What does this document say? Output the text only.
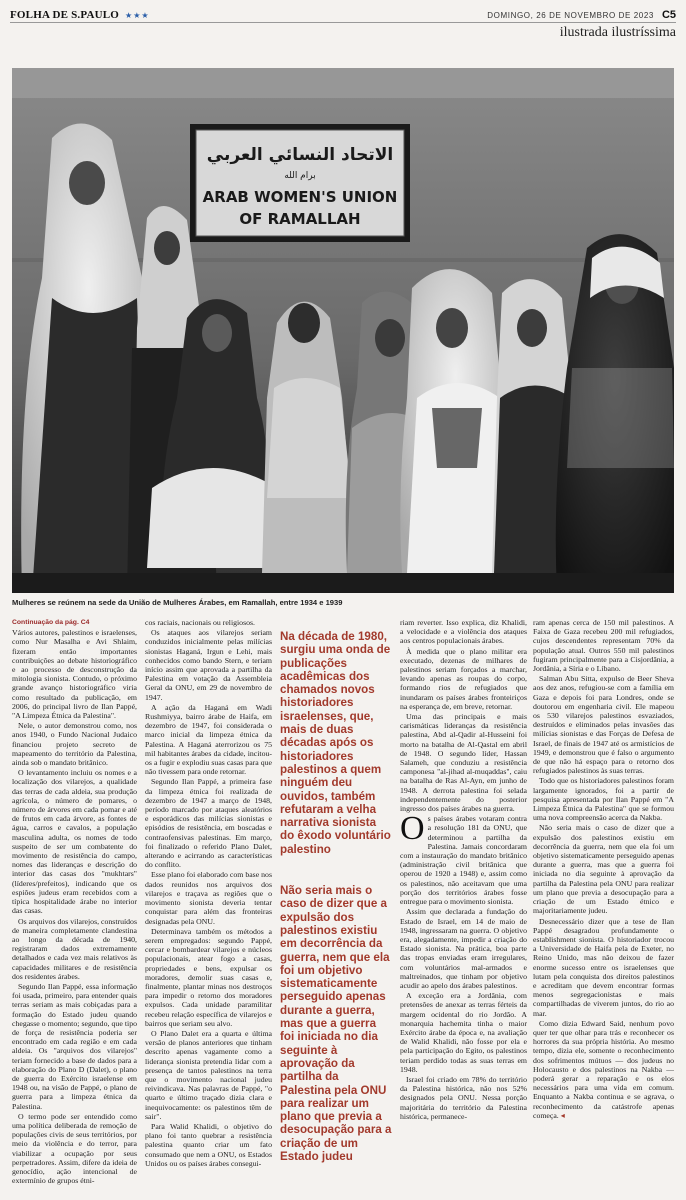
FOLHA DE S.PAULO ★★★	DOMINGO, 26 DE NOVEMBRO DE 2023 C5
ilustrada ilustríssima
الاتحاد النسائي العربي
برام الله
ARAB WOMEN'S UNION
OF RAMALLAH
Mulheres se reúnem na sede da União de Mulheres Árabes, em Ramallah, entre 1934 e 1939
Continuação da pág. C4

Vários autores, palestinos e israelenses, como Nur Masalha e Avi Shlaim, fizeram então importantes contribuições ao debate historiográfico e ao processo de desconstrução da mitologia sionista. Contudo, o próximo grande avanço historiográfico viria como resultado da publicação, em 2006, do principal livro de Ilan Pappé, "A Limpeza Étnica da Palestina".

Nele, o autor demonstrou como, nos anos 1940, o Fundo Nacional Judaico financiou projeto secreto de mapeamento do território da Palestina, ainda sob o mandato britânico.

O levantamento incluiu os nomes e a localização dos vilarejos, a qualidade das terras de cada aldeia, sua produção agrícola, o número de pomares, o número de árvores em cada pomar e até de frutos em cada árvore, as fontes de água, carros e cavalos, a população masculina adulta, os nomes de todo suspeito de ser um combatente do movimento de resistência do campo, nomes das lideranças e descrição do interior das casas dos "mukhtars" (líderes/prefeitos), indicando que os espiões judeus eram recebidos com a típica hospitalidade árabe no interior das casas.

Os arquivos dos vilarejos, construídos de maneira completamente clandestina ao longo da década de 1940, registraram dados extremamente detalhados e cada vez mais relativos às capacidades militares e de resistência dos residentes árabes.

Segundo Ilan Pappé, essa informação foi usada, primeiro, para entender quais terras seriam as mais cobiçadas para a formação do Estado judeu quando chegasse o momento; segundo, que tipo de força de resistência poderia ser encontrado em cada região e em cada aldeia. Os "arquivos dos vilarejos" teriam fornecido a base de dados para a elaboração do Plano D (Dalet), o plano de guerra do Exército israelense em 1948 ou, na visão de Pappé, o plano de guerra para a limpeza étnica da Palestina.

O termo pode ser entendido como uma política deliberada de remoção de populações civis de seus territórios, por meio da violência e do terror, para viabilizar a ocupação por seus perpetradores. Assim, difere da ideia de genocídio, ação intencional de extermínio de grupos étni-

cos raciais, nacionais ou religiosos.

Os ataques aos vilarejos seriam conduzidos inicialmente pelas milícias sionistas Haganá, Irgun e Lehi, mais conhecidos como bando Stern, e teriam início assim que aprovada a partilha da Palestina em votação da Assembleia Geral da ONU, em 29 de novembro de 1947.

A ação da Haganá em Wadi Rushmiyya, bairro árabe de Haifa, em dezembro de 1947, foi considerada o marco inicial da limpeza étnica da Palestina. A Haganá aterrorizou os 75 mil habitantes árabes da cidade, incitou-os a fugir e explodiu suas casas para que não tivessem para onde retornar.

Segundo Ilan Pappé, a primeira fase da limpeza étnica foi realizada de dezembro de 1947 a março de 1948, período marcado por ataques aleatórios e esporádicos das milícias sionistas e episódios de resistência, em boscadas e contraofensivas palestinas. Em março, foi finalizado o referido Plano Dalet, alterando e acirrando as características do conflito.

Esse plano foi elaborado com base nos dados reunidos nos arquivos dos vilarejos e traçava as regiões que o movimento sionista deveria tentar conquistar para além das fronteiras designadas pela ONU.

Determinava também os métodos a serem empregados: segundo Pappé, cercar e bombardear vilarejos e núcleos populacionais, atear fogo a casas, propriedades e bens, expulsar os moradores, demolir suas casas e, finalmente, plantar minas nos destroços para impedir o retorno dos moradores expulsos. Cada unidade paramilitar recebeu relação específica de vilarejos e bairros que seriam seu alvo.

O Plano Dalet era a quarta e última versão de planos anteriores que tinham descrito apenas vagamente como a liderança sionista pretendia lidar com a presença de tantos palestinos na terra que o movimento nacional judeu reivindicava. Nas palavras de Pappé, "o quarto e último traçado dizia clara e inequivocamente: os palestinos têm de sair".

Para Walid Khalidi, o objetivo do plano foi tanto quebrar a resistência palestina quanto criar um fato consumado que nem a ONU, os Estados Unidos ou os países árabes consegui-

Na década de 1980, surgiu uma onda de publicações acadêmicas dos chamados novos historiadores israelenses, que, mais de duas décadas após os historiadores palestinos a quem ninguém deu ouvidos, também refutaram a velha narrativa sionista do êxodo voluntário palestino

Não seria mais o caso de dizer que a expulsão dos palestinos existiu em decorrência da guerra, nem que ela foi um objetivo sistematicamente perseguido apenas durante a guerra, mas que a guerra foi iniciada no dia seguinte à aprovação da partilha da Palestina pela ONU para realizar um plano que previa a desocupação para a criação de um Estado judeu

riam reverter. Isso explica, diz Khalidi, a velocidade e a violência dos ataques aos centros populacionais árabes.

À medida que o plano militar era executado, dezenas de milhares de palestinos seriam forçados a marchar, levando apenas as roupas do corpo, formando rios de refugiados que inundaram os países árabes fronteiriços na esperança de, em breve, retornar.

Uma das principais e mais carismáticas lideranças da resistência palestina, Abd al-Qadir al-Husseini foi morto na batalha de Al-Qastal em abril de 1948. O segundo líder, Hassan Salameh, que conduziu a resistência camponesa "al-jihad al-muqaddas", caiu na batalha de Ras Al-Ayn, em junho de 1948. A derrota palestina foi selada independentemente do posterior ingresso dos países árabes na guerra.

Os países árabes votaram contra a resolução 181 da ONU, que determinou a partilha da Palestina. Jamais concordaram com a instauração do mandato britânico (administração civil britânica que operou de 1920 a 1948) e, assim como os palestinos, não aceitavam que uma porção dos territórios árabes fosse entregue para o movimento sionista.

Assim que declarada a fundação do Estado de Israel, em 14 de maio de 1948, ingressaram na guerra. O objetivo era, alegadamente, impedir a criação do Estado sionista. Na prática, boa parte das tropas enviadas eram irregulares, com voluntários mal-armados e maltreinados, que tinham por objetivo acudir ao apelo dos árabes palestinos.

A exceção era a Jordânia, com pretensões de anexar as terras férteis da margem ocidental do rio Jordão. A monarquia hachemita tinha o maior Exército árabe da época e, na avaliação de Walid Khalidi, não fosse por ela e pela participação do Egito, os palestinos teriam perdido todas as suas terras em 1948.

Israel foi criado em 78% do território da Palestina histórica, não nos 52% designados pela ONU. Nessa porção majoritária do território da Palestina histórica, permanece-

ram apenas cerca de 150 mil palestinos. A Faixa de Gaza recebeu 200 mil refugiados, cujos descendentes representam 70% da população atual. Outros 550 mil palestinos fugiram principalmente para a Cisjordânia, a Jordânia, a Síria e o Líbano.

Salman Abu Sitta, expulso de Beer Sheva aos dez anos, refugiou-se com a família em Gaza e depois foi para Londres, onde se doutorou em engenharia civil. Ele mapeou os 530 vilarejos palestinos esvaziados, destruídos e eliminados pelas invasões das milícias sionistas e das Forças de Defesa de Israel, de finais de 1947 até os armistícios de 1949, e demonstrou que é falso o argumento de que não há espaço para o retorno dos refugiados palestinos às suas terras.

Todo que os historiadores palestinos foram largamente ignorados, foi a partir de pesquisa apresentada por Ilan Pappé em "A Limpeza Étnica da Palestina" que se formou uma nova compreensão acerca da Nakba.

Não seria mais o caso de dizer que a expulsão dos palestinos existiu em decorrência da guerra, nem que ela foi um objetivo sistematicamente perseguido apenas durante a guerra, mas que a guerra foi iniciada no dia seguinte à aprovação da partilha da Palestina pela ONU para realizar um plano que previa a desocupação para a criação de um Estado étnico e majoritariamente judeu.

Desnecessário dizer que a tese de Ilan Pappé desagradou profundamente o establishment sionista. O historiador trocou a Universidade de Haifa pela de Exeter, no Reino Unido, mas não deixou de fazer enorme sucesso entre os israelenses que lutam pela conquista dos direitos palestinos e acreditam que devem encontrar formas menos segregacionistas e mais compartilhadas de viverem juntos, do rio ao mar.

Como dizia Edward Said, nenhum povo quer ter que olhar para trás e reconhecer os horrores da sua própria história. Ao mesmo tempo, dizia ele, somente o reconhecimento dos sofrimentos mútuos — dos judeus no Holocausto e dos palestinos na Nakba — poderá gerar a reparação e os elos necessários para uma vida em comum. Enquanto a Nakba continua e se agrava, o reconhecimento da catástrofe apenas começa. ◂
